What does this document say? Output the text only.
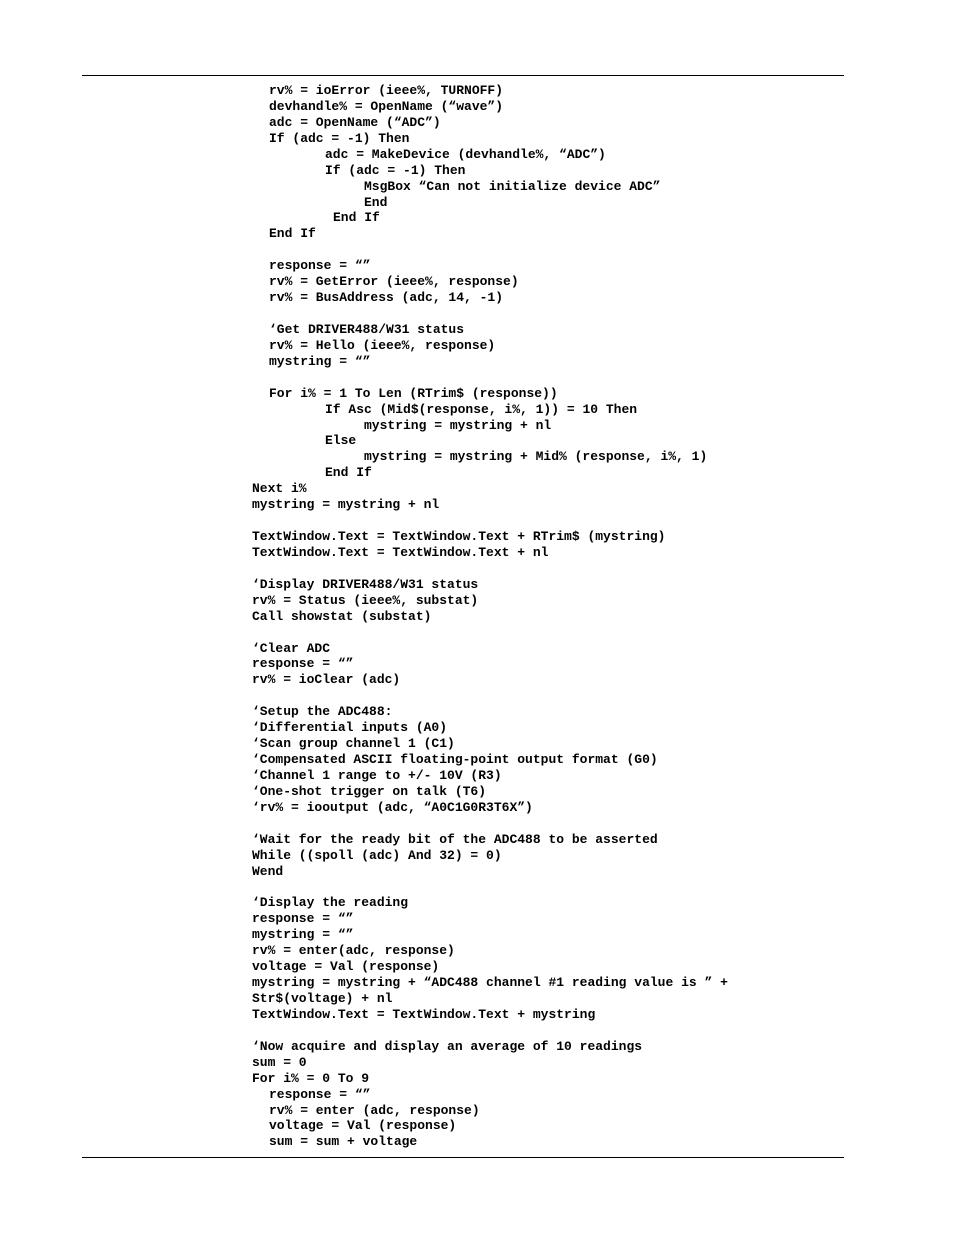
rv% = ioError (ieee%, TURNOFF)
devhandle% = OpenName (“wave”)
adc = OpenName (“ADC”)
If (adc = -1) Then
adc = MakeDevice (devhandle%, “ADC”)
If (adc = -1) Then
MsgBox “Can not initialize device ADC”
End
End If
End If
response = “”
rv% = GetError (ieee%, response)
rv% = BusAddress (adc, 14, -1)
‘Get DRIVER488/W31 status
rv% = Hello (ieee%, response)
mystring = “”
For i% = 1 To Len (RTrim$ (response))
If Asc (Mid$(response, i%, 1)) = 10 Then
mystring = mystring + nl
Else
mystring = mystring + Mid% (response, i%, 1)
End If
Next i%
mystring = mystring + nl
TextWindow.Text = TextWindow.Text + RTrim$ (mystring)
TextWindow.Text = TextWindow.Text + nl
‘Display DRIVER488/W31 status
rv% = Status (ieee%, substat)
Call showstat (substat)
‘Clear ADC
response = “”
rv% = ioClear (adc)
‘Setup the ADC488:
‘Differential inputs (A0)
‘Scan group channel 1 (C1)
‘Compensated ASCII floating-point output format (G0)
‘Channel 1 range to +/- 10V (R3)
‘One-shot trigger on talk (T6)
‘rv% = iooutput (adc, “A0C1G0R3T6X”)
‘Wait for the ready bit of the ADC488 to be asserted
While ((spoll (adc) And 32) = 0)
Wend
‘Display the reading
response = “”
mystring = “”
rv% = enter(adc, response)
voltage = Val (response)
mystring = mystring + “ADC488 channel #1 reading value is ” +
Str$(voltage) + nl
TextWindow.Text = TextWindow.Text + mystring
‘Now acquire and display an average of 10 readings
sum = 0
For i% = 0 To 9
response = “”
rv% = enter (adc, response)
voltage = Val (response)
sum = sum + voltage
